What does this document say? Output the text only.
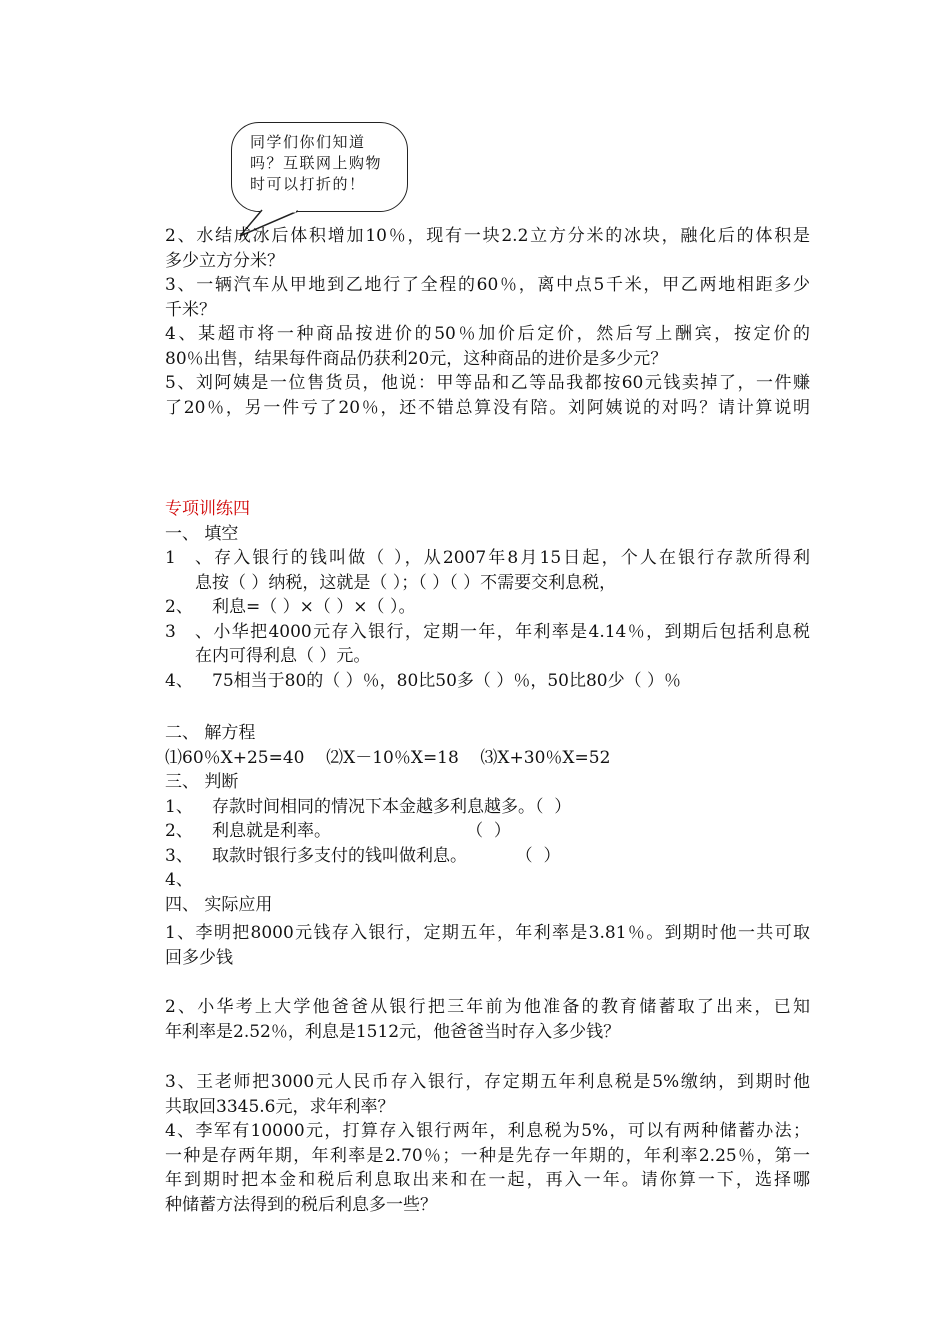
同学们你们知道
吗？互联网上购物
时可以打折的！
2、水结成冰后体积增加10％，现有一块2.2立方分米的冰块，融化后的体积是
多少立方分米？
3、一辆汽车从甲地到乙地行了全程的60％，离中点5千米，甲乙两地相距多少
千米？
4、某超市将一种商品按进价的50％加价后定价，然后写上酬宾，按定价的
80％出售，结果每件商品仍获利20元，这种商品的进价是多少元？
5、刘阿姨是一位售货员，他说：甲等品和乙等品我都按60元钱卖掉了，一件赚
了20％，另一件亏了20％，还不错总算没有陪。刘阿姨说的对吗？请计算说明
专项训练四
一、 填空
1、存入银行的钱叫做（ ），从2007年8月15日起，个人在银行存款所得利
息按（ ）纳税，这就是（ ）；（ ）（ ）不需要交利息税，
2、 利息=（ ）×（ ）×（ ）。
3、小华把4000元存入银行，定期一年，年利率是4.14％，到期后包括利息税
在内可得利息（ ）元。
4、 75相当于80的（ ）％，80比50多（ ）％，50比80少（ ）％
二、 解方程
⑴60％X+25=40    ⑵X－10％X=18    ⑶X+30％X=52
三、 判断
1、 存款时间相同的情况下本金越多利息越多。（  ）
2、 利息就是利率。                         （  ）
3、 取款时银行多支付的钱叫做利息。         （  ）
4、
四、 实际应用
1、李明把8000元钱存入银行，定期五年，年利率是3.81％。到期时他一共可取
回多少钱
2、小华考上大学他爸爸从银行把三年前为他准备的教育储蓄取了出来，已知
年利率是2.52％，利息是1512元，他爸爸当时存入多少钱？
3、王老师把3000元人民币存入银行，存定期五年利息税是5%缴纳，到期时他
共取回3345.6元，求年利率？
4、李军有10000元，打算存入银行两年，利息税为5%，可以有两种储蓄办法；
一种是存两年期，年利率是2.70％；一种是先存一年期的，年利率2.25％，第一
年到期时把本金和税后利息取出来和在一起，再入一年。请你算一下，选择哪
种储蓄方法得到的税后利息多一些？
